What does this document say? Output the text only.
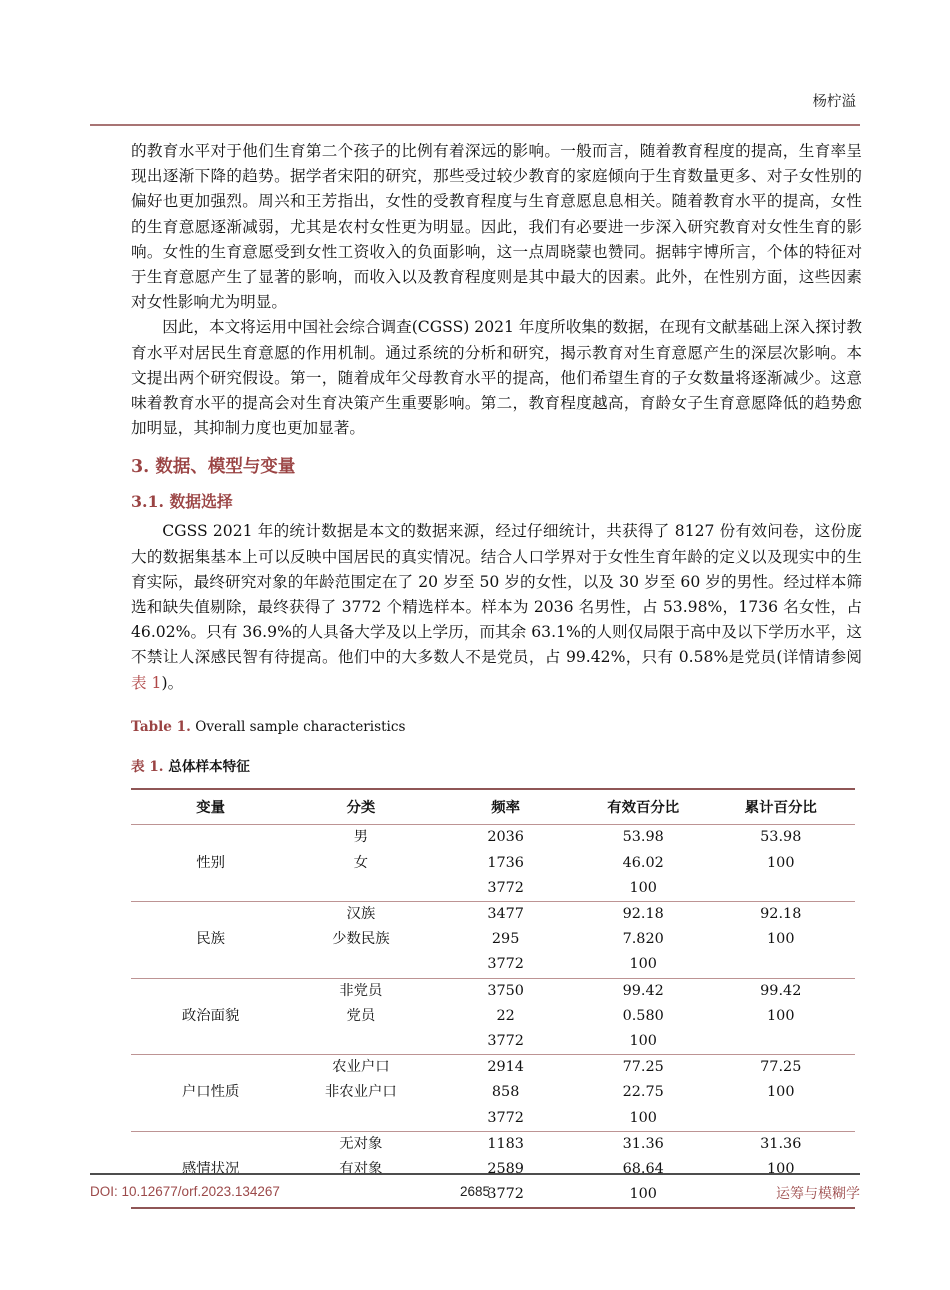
杨柠溢

的教育水平对于他们生育第二个孩子的比例有着深远的影响。一般而言，随着教育程度的提高，生育率呈现出逐渐下降的趋势。据学者宋阳的研究，那些受过较少教育的家庭倾向于生育数量更多、对子女性别的偏好也更加强烈。周兴和王芳指出，女性的受教育程度与生育意愿息息相关。随着教育水平的提高，女性的生育意愿逐渐减弱，尤其是农村女性更为明显。因此，我们有必要进一步深入研究教育对女性生育的影响。女性的生育意愿受到女性工资收入的负面影响，这一点周晓蒙也赞同。据韩宇博所言，个体的特征对于生育意愿产生了显著的影响，而收入以及教育程度则是其中最大的因素。此外，在性别方面，这些因素对女性影响尤为明显。

因此，本文将运用中国社会综合调查(CGSS) 2021 年度所收集的数据，在现有文献基础上深入探讨教育水平对居民生育意愿的作用机制。通过系统的分析和研究，揭示教育对生育意愿产生的深层次影响。本文提出两个研究假设。第一，随着成年父母教育水平的提高，他们希望生育的子女数量将逐渐减少。这意味着教育水平的提高会对生育决策产生重要影响。第二，教育程度越高，育龄女子生育意愿降低的趋势愈加明显，其抑制力度也更加显著。

3. 数据、模型与变量
3.1. 数据选择

CGSS 2021 年的统计数据是本文的数据来源，经过仔细统计，共获得了 8127 份有效问卷，这份庞大的数据集基本上可以反映中国居民的真实情况。结合人口学界对于女性生育年龄的定义以及现实中的生育实际，最终研究对象的年龄范围定在了 20 岁至 50 岁的女性，以及 30 岁至 60 岁的男性。经过样本筛选和缺失值剔除，最终获得了 3772 个精选样本。样本为 2036 名男性，占 53.98%，1736 名女性，占 46.02%。只有 36.9%的人具备大学及以上学历，而其余 63.1%的人则仅局限于高中及以下学历水平，这不禁让人深感民智有待提高。他们中的大多数人不是党员，占 99.42%，只有 0.58%是党员(详情请参阅表 1)。

Table 1. Overall sample characteristics
表 1. 总体样本特征
变量	分类	频率	有效百分比	累计百分比
性别	男	2036	53.98	53.98
	女	1736	46.02	100
		3772	100	
民族	汉族	3477	92.18	92.18
	少数民族	295	7.820	100
		3772	100	
政治面貌	非党员	3750	99.42	99.42
	党员	22	0.580	100
		3772	100	
户口性质	农业户口	2914	77.25	77.25
	非农业户口	858	22.75	100
		3772	100	
感情状况	无对象	1183	31.36	31.36
	有对象	2589	68.64	100
		3772	100	
DOI: 10.12677/orf.2023.134267	2685	运筹与模糊学
